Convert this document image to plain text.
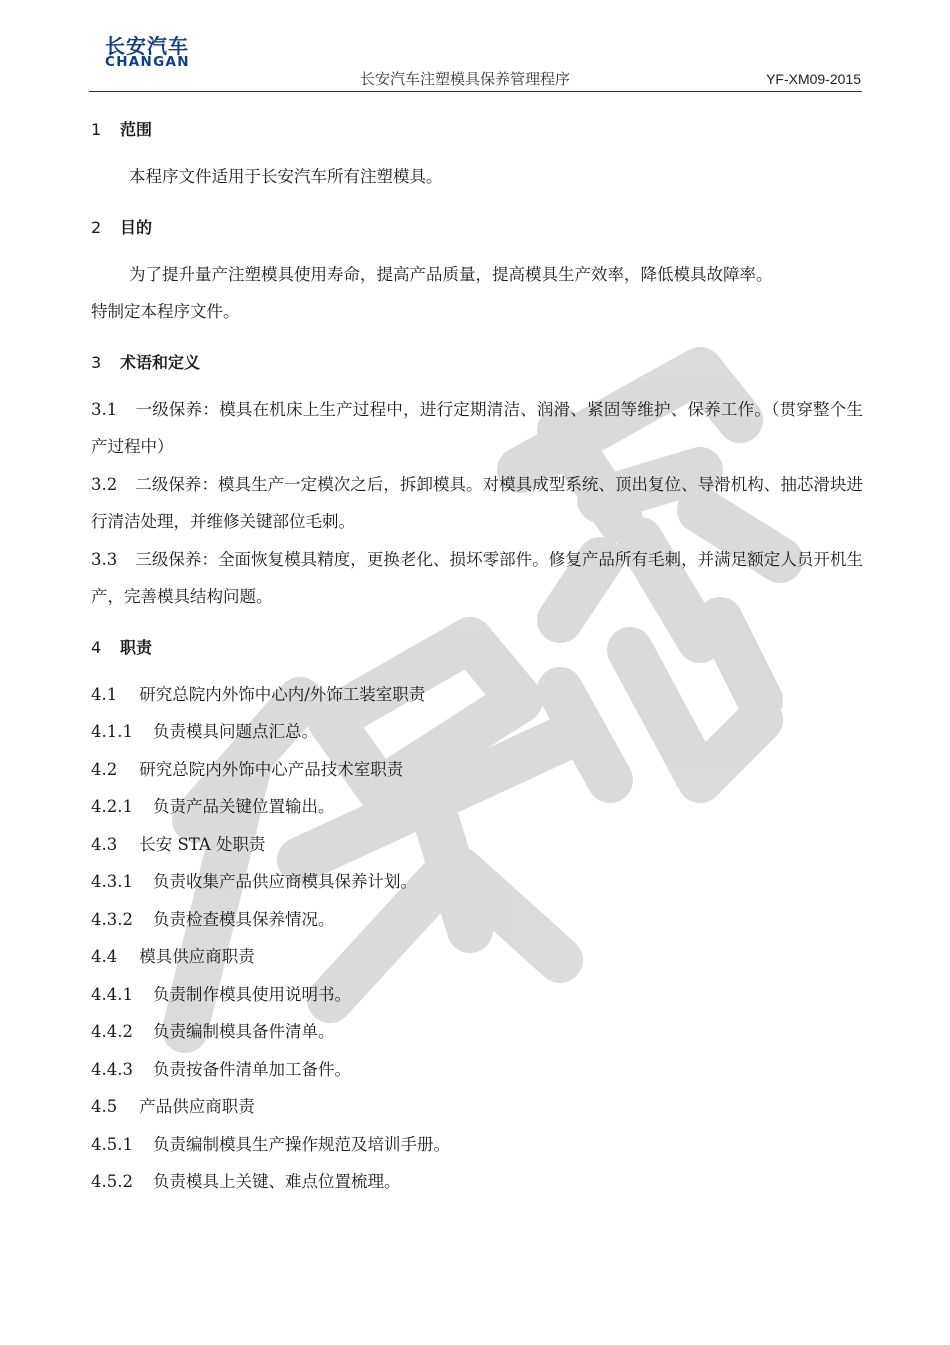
长安汽车
CHANGAN
长安汽车注塑模具保养管理程序	YF-XM09-2015
1 范围
本程序文件适用于长安汽车所有注塑模具。
2 目的
为了提升量产注塑模具使用寿命，提高产品质量，提高模具生产效率，降低模具故障率。
特制定本程序文件。
3 术语和定义
3.1 一级保养：模具在机床上生产过程中，进行定期清洁、润滑、紧固等维护、保养工作。（贯穿整个生产过程中）
3.2 二级保养：模具生产一定模次之后，拆卸模具。对模具成型系统、顶出复位、导滑机构、抽芯滑块进行清洁处理，并维修关键部位毛刺。
3.3 三级保养：全面恢复模具精度，更换老化、损坏零部件。修复产品所有毛刺，并满足额定人员开机生产，完善模具结构问题。
4 职责
4.1 研究总院内外饰中心内/外饰工装室职责
4.1.1 负责模具问题点汇总。
4.2 研究总院内外饰中心产品技术室职责
4.2.1 负责产品关键位置输出。
4.3 长安 STA 处职责
4.3.1 负责收集产品供应商模具保养计划。
4.3.2 负责检查模具保养情况。
4.4 模具供应商职责
4.4.1 负责制作模具使用说明书。
4.4.2 负责编制模具备件清单。
4.4.3 负责按备件清单加工备件。
4.5 产品供应商职责
4.5.1 负责编制模具生产操作规范及培训手册。
4.5.2 负责模具上关键、难点位置梳理。
